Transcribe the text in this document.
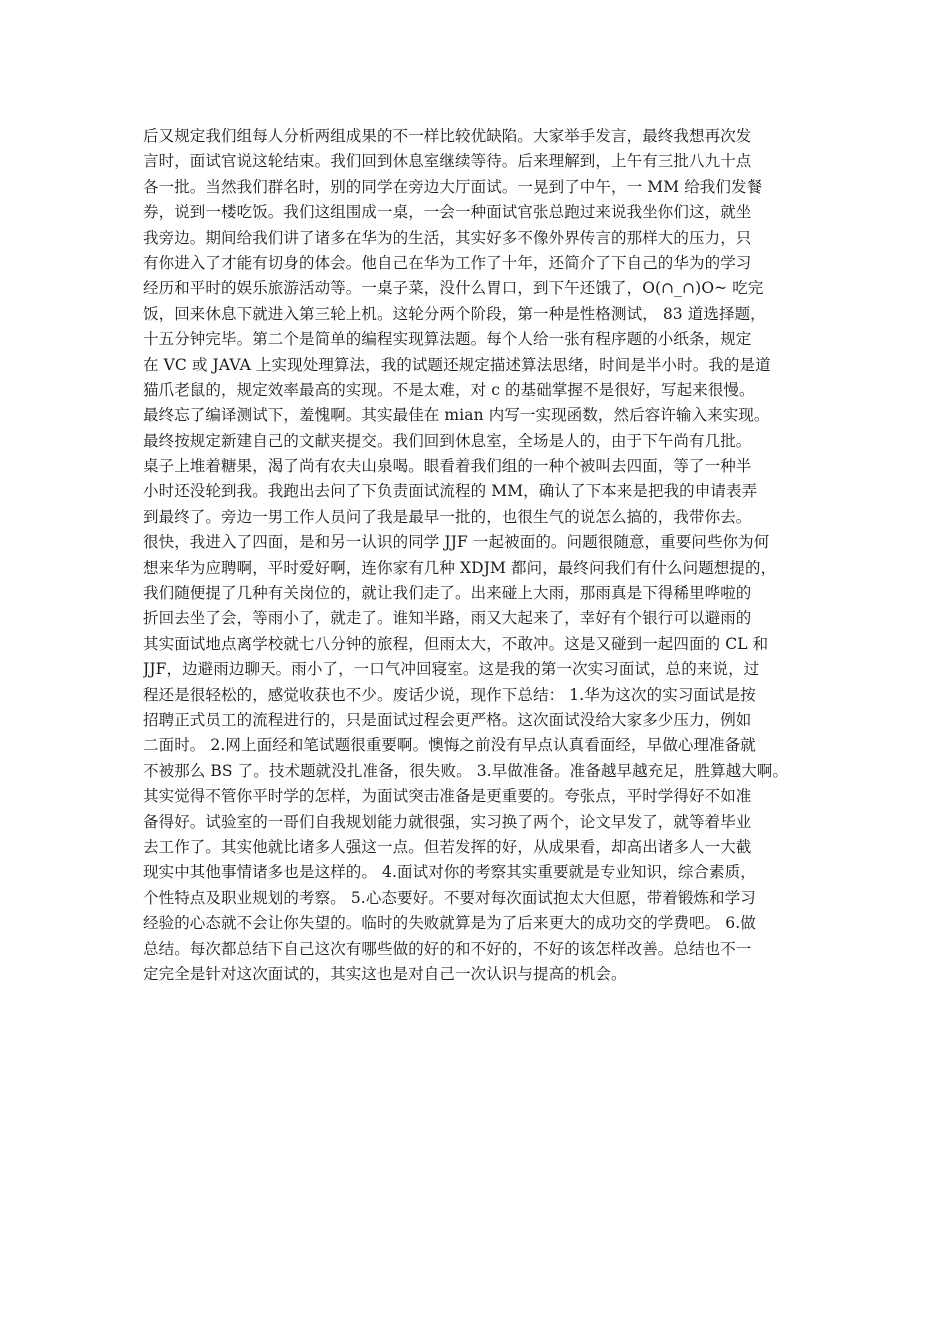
后又规定我们组每人分析两组成果的不一样比较优缺陷。大家举手发言，最终我想再次发
言时，面试官说这轮结束。我们回到休息室继续等待。后来理解到，上午有三批八九十点
各一批。当然我们群名时，别的同学在旁边大厅面试。一晃到了中午，一 MM 给我们发餐
券，说到一楼吃饭。我们这组围成一桌，一会一种面试官张总跑过来说我坐你们这，就坐
我旁边。期间给我们讲了诸多在华为的生活，其实好多不像外界传言的那样大的压力，只
有你进入了才能有切身的体会。他自己在华为工作了十年，还简介了下自己的华为的学习
经历和平时的娱乐旅游活动等。一桌子菜，没什么胃口，到下午还饿了，O(∩_∩)O~ 吃完
饭，回来休息下就进入第三轮上机。这轮分两个阶段，第一种是性格测试， 83 道选择题，
十五分钟完毕。第二个是简单的编程实现算法题。每个人给一张有程序题的小纸条，规定
在 VC 或 JAVA 上实现处理算法，我的试题还规定描述算法思绪，时间是半小时。我的是道
猫爪老鼠的，规定效率最高的实现。不是太难，对 c 的基础掌握不是很好，写起来很慢。
最终忘了编译测试下，羞愧啊。其实最佳在 mian 内写一实现函数，然后容许输入来实现。
最终按规定新建自己的文献夹提交。我们回到休息室，全场是人的，由于下午尚有几批。
桌子上堆着糖果，渴了尚有农夫山泉喝。眼看着我们组的一种个被叫去四面，等了一种半
小时还没轮到我。我跑出去问了下负责面试流程的 MM，确认了下本来是把我的申请表弄
到最终了。旁边一男工作人员问了我是最早一批的，也很生气的说怎么搞的，我带你去。
很快，我进入了四面，是和另一认识的同学 JJF 一起被面的。问题很随意，重要问些你为何
想来华为应聘啊，平时爱好啊，连你家有几种 XDJM 都问，最终问我们有什么问题想提的，
我们随便提了几种有关岗位的，就让我们走了。出来碰上大雨，那雨真是下得稀里哗啦的
折回去坐了会，等雨小了，就走了。谁知半路，雨又大起来了，幸好有个银行可以避雨的
其实面试地点离学校就七八分钟的旅程，但雨太大，不敢冲。这是又碰到一起四面的 CL 和
JJF，边避雨边聊天。雨小了，一口气冲回寝室。这是我的第一次实习面试，总的来说，过
程还是很轻松的，感觉收获也不少。废话少说，现作下总结： 1.华为这次的实习面试是按
招聘正式员工的流程进行的，只是面试过程会更严格。这次面试没给大家多少压力，例如
二面时。 2.网上面经和笔试题很重要啊。懊悔之前没有早点认真看面经，早做心理准备就
不被那么 BS 了。技术题就没扎准备，很失败。 3.早做准备。准备越早越充足，胜算越大啊。
其实觉得不管你平时学的怎样，为面试突击准备是更重要的。夸张点，平时学得好不如准
备得好。试验室的一哥们自我规划能力就很强，实习换了两个，论文早发了，就等着毕业
去工作了。其实他就比诸多人强这一点。但若发挥的好，从成果看，却高出诸多人一大截
现实中其他事情诸多也是这样的。 4.面试对你的考察其实重要就是专业知识，综合素质，
个性特点及职业规划的考察。 5.心态要好。不要对每次面试抱太大但愿，带着锻炼和学习
经验的心态就不会让你失望的。临时的失败就算是为了后来更大的成功交的学费吧。 6.做
总结。每次都总结下自己这次有哪些做的好的和不好的，不好的该怎样改善。总结也不一
定完全是针对这次面试的，其实这也是对自己一次认识与提高的机会。
